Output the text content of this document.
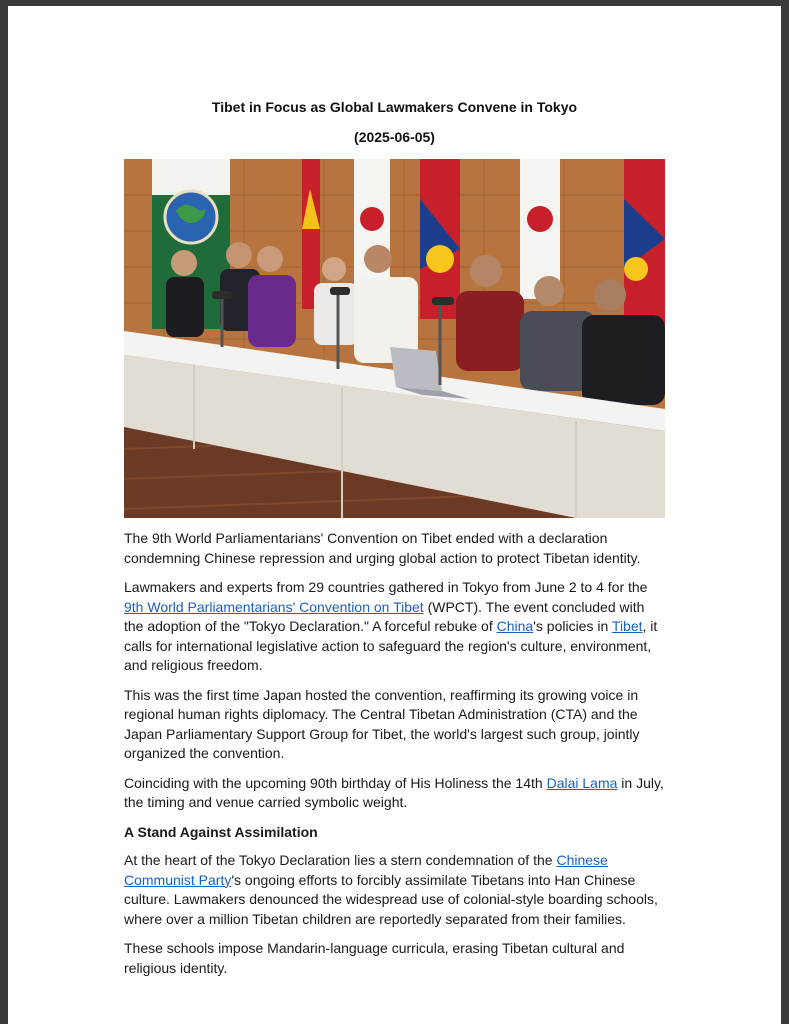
Tibet in Focus as Global Lawmakers Convene in Tokyo
(2025-06-05)

The 9th World Parliamentarians' Convention on Tibet ended with a declaration condemning Chinese repression and urging global action to protect Tibetan identity.

Lawmakers and experts from 29 countries gathered in Tokyo from June 2 to 4 for the 9th World Parliamentarians' Convention on Tibet (WPCT). The event concluded with the adoption of the "Tokyo Declaration." A forceful rebuke of China's policies in Tibet, it calls for international legislative action to safeguard the region's culture, environment, and religious freedom.

This was the first time Japan hosted the convention, reaffirming its growing voice in regional human rights diplomacy. The Central Tibetan Administration (CTA) and the Japan Parliamentary Support Group for Tibet, the world's largest such group, jointly organized the convention.

Coinciding with the upcoming 90th birthday of His Holiness the 14th Dalai Lama in July, the timing and venue carried symbolic weight.

A Stand Against Assimilation

At the heart of the Tokyo Declaration lies a stern condemnation of the Chinese Communist Party's ongoing efforts to forcibly assimilate Tibetans into Han Chinese culture. Lawmakers denounced the widespread use of colonial-style boarding schools, where over a million Tibetan children are reportedly separated from their families.

These schools impose Mandarin-language curricula, erasing Tibetan cultural and religious identity.
